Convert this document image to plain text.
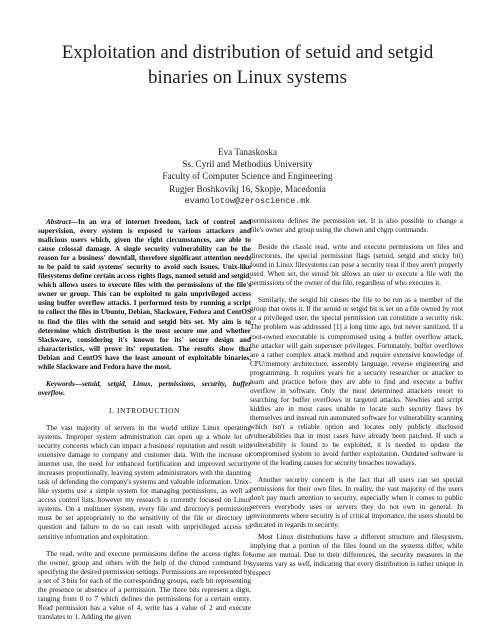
Exploitation and distribution of setuid and setgid
binaries on Linux systems
Eva Tanaskoska
Ss. Cyril and Methodius University
Faculty of Computer Science and Engineering
Rugjer Boshkovikj 16, Skopje, Macedonia
evamolotow@zeroscience.mk

Abstract—In an era of internet freedom, lack of control and supervision, every system is exposed to various attackers and malicious users which, given the right circumstances, are able to cause colossal damage. A single security vulnerability can be the reason for a business' downfall, therefore significant attention needs to be paid to said systems' security to avoid such issues. Unix-like filesystems define certain access rights flags, named setuid and setgid, which allows users to execute files with the permissions of the file's owner or group. This can be exploited to gain unprivileged access using buffer overflow attacks. I performed tests by running a script to collect the files in Ubuntu, Debian, Slackware, Fedora and CentOS to find the files with the setuid and setgid bits set. My aim is to determine which distribution is the most secure one and whether Slackware, considering it's known for its' secure design and characteristics, will prove its' reputation. The results show that Debian and CentOS have the least amount of exploitable binaries, while Slackware and Fedora have the most.

Keywords—setuid, setgid, Linux, permissions, security, buffer overflow.

I. INTRODUCTION

The vast majority of servers in the world utilize Linux operating systems. Improper system administration can open up a whole lot of security concerns which can impact a business' reputation and result with extensive damage to company and customer data. With the increase of internet use, the need for enhanced fortification and improved security increases proportionally, leaving system administrators with the daunting task of defending the company's systems and valuable information. Unix-like systems use a simple system for managing permissions, as well as access control lists, however my research is currently focused on Linux systems. On a multiuser system, every file and directory's permissions must be set appropriately to the sensitivity of the file or directory in question and failure to do so can result with unprivileged access to sensitive information and exploitation.

The read, write and execute permissions define the access rights for the owner, group and others with the help of the chmod command by specifying the desired permission settings. Permissions are represented by a set of 3 bits for each of the corresponding groups, each bit representing the presence or absence of a permission. The three bits represent a digit, ranging from 0 to 7 which defines the permissions for a certain entity. Read permission has a value of 4, write has a value of 2 and execute translates to 1. Adding the given

permissions defines the permission set. It is also possible to change a file's owner and group using the chown and chgrp commands.

Beside the classic read, write and execute permissions on files and directories, the special permission flags (setuid, setgid and sticky bit) found in Linux filesystems can pose a security treat if they aren't properly used. When set, the setuid bit allows an user to execute a file with the permissions of the owner of the file, regardless of who executes it.

Similarly, the setgid bit causes the file to be run as a member of the group that owns it. If the setuid or setgid bit is set on a file owned by root or a privileged user, the special permission can constitute a security risk. The problem was addressed [1] a long time ago, but never sanitized. If a root-owned executable is compromised using a buffer overflow attack, the attacker will gain superuser privileges. Fortunately, buffer overflows are a rather complex attack method and require extensive knowledge of CPU/memory architecture, assembly language, reverse engineering and programming. It requires years for a security researcher or attacker to learn and practice before they are able to find and execute a buffer overflow in software. Only the most determined attackers resort to searching for buffer overflows in targeted attacks. Newbies and script kiddies are in most cases unable to locate such security flaws by themselves and instead run automated software for vulnerability scanning which isn't a reliable option and locates only publicly disclosed vulnerabilities that in most cases have already been patched. If such a vulnerability is found to be exploited, it is needed to update the compromised system to avoid further exploitation. Outdated software is one of the leading causes for security breaches nowadays.

Another security concern is the fact that all users can set special permissions for their own files. In reality, the vast majority of the users don't pay much attention to security, especially when it comes to public servers everybody uses or servers they do not own in general. In environments where security is of critical importance, the users should be educated in regards to security.

Most Linux distributions have a different structure and filesystem, implying that a portion of the files found on the systems differ, while some are mutual. Due to their differences, the security measures in the systems vary as well, indicating that every distribution is rather unique in respect
